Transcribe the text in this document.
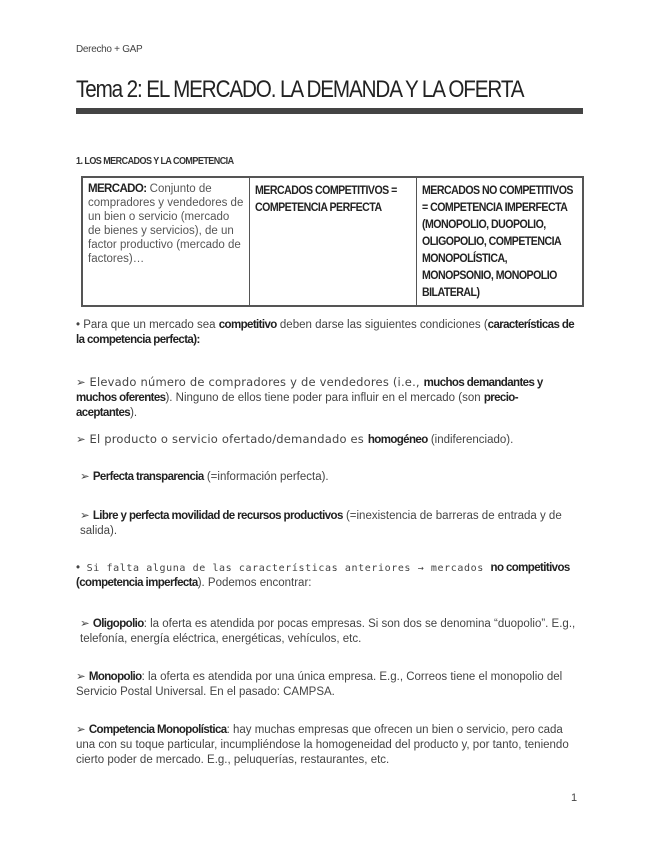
Derecho + GAP
Tema 2: EL MERCADO. LA DEMANDA Y LA OFERTA
1. LOS MERCADOS Y LA COMPETENCIA
MERCADO: Conjunto de compradores y vendedores de un bien o servicio (mercado de bienes y servicios), de un factor productivo (mercado de factores)…	MERCADOS COMPETITIVOS = COMPETENCIA PERFECTA	MERCADOS NO COMPETITIVOS = COMPETENCIA IMPERFECTA (MONOPOLIO, DUOPOLIO, OLIGOPOLIO, COMPETENCIA MONOPOLÍSTICA, MONOPSONIO, MONOPOLIO BILATERAL)
• Para que un mercado sea competitivo deben darse las siguientes condiciones (características de la competencia perfecta):
➢ Elevado número de compradores y de vendedores (i.e., muchos demandantes y muchos oferentes). Ninguno de ellos tiene poder para influir en el mercado (son precio-aceptantes).
➢ El producto o servicio ofertado/demandado es homogéneo (indiferenciado).
➢ Perfecta transparencia (=información perfecta).
➢ Libre y perfecta movilidad de recursos productivos (=inexistencia de barreras de entrada y de salida).
• Si falta alguna de las características anteriores → mercados no competitivos (competencia imperfecta). Podemos encontrar:
➢ Oligopolio: la oferta es atendida por pocas empresas. Si son dos se denomina “duopolio”. E.g., telefonía, energía eléctrica, energéticas, vehículos, etc.
➢ Monopolio: la oferta es atendida por una única empresa. E.g., Correos tiene el monopolio del Servicio Postal Universal. En el pasado: CAMPSA.
➢ Competencia Monopolística: hay muchas empresas que ofrecen un bien o servicio, pero cada una con su toque particular, incumpliéndose la homogeneidad del producto y, por tanto, teniendo cierto poder de mercado. E.g., peluquerías, restaurantes, etc.
1
